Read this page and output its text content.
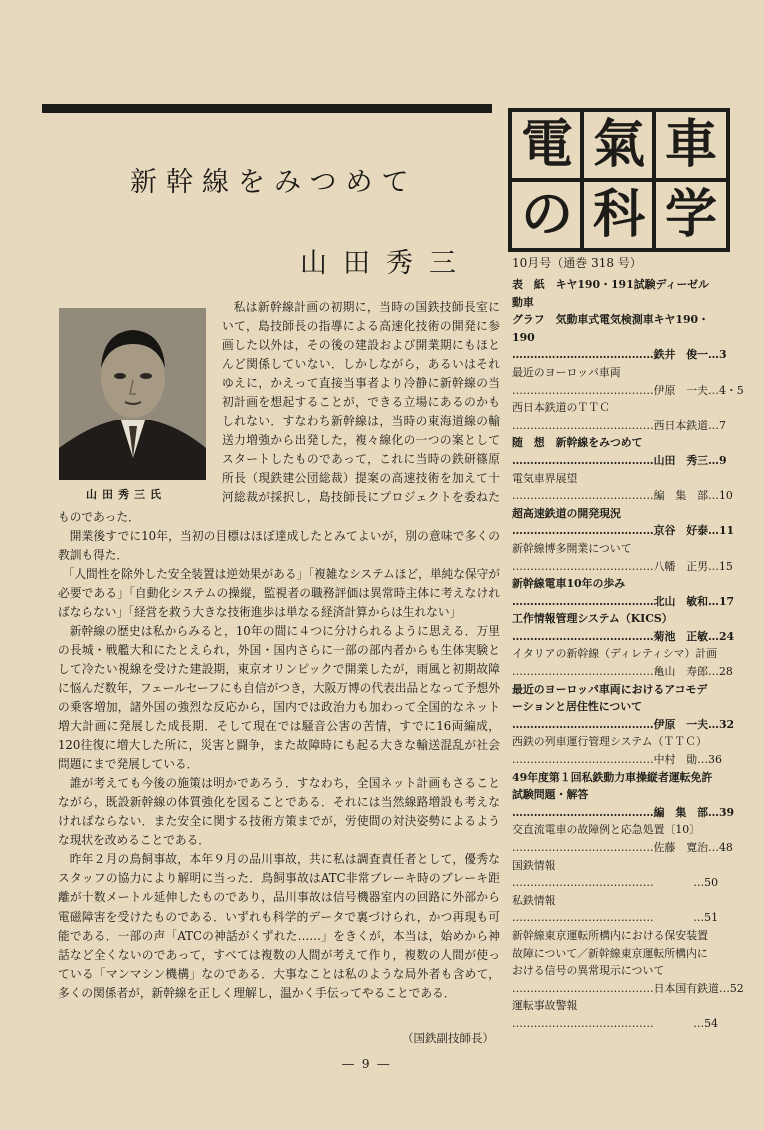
新幹線をみつめて
山田秀三
山田秀三氏

私は新幹線計画の初期に，当時の国鉄技師長室にいて，島技師長の指導による高速化技術の開発に参画した以外は，その後の建設および開業期にもほとんど関係していない．しかしながら，あるいはそれゆえに，かえって直接当事者より冷静に新幹線の当初計画を想起することが，できる立場にあるのかもしれない．すなわち新幹線は，当時の東海道線の輸送力増強から出発した，複々線化の一つの案としてスタートしたものであって，これに当時の鉄研篠原所長（現鉄建公団総裁）提案の高速技術を加えて十河総裁が採択し，島技師長にプロジェクトを委ねたものであった．

開業後すでに10年，当初の目標はほぼ達成したとみてよいが，別の意味で多くの教訓も得た．

「人間性を除外した安全装置は逆効果がある」「複雑なシステムほど，単純な保守が必要である」「自動化システムの操縦，監視者の職務評価は異常時主体に考えなければならない」「経営を救う大きな技術進歩は単なる経済計算からは生れない」

新幹線の歴史は私からみると，10年の間に４つに分けられるように思える．万里の長城・戦艦大和にたとえられ，外国・国内さらに一部の部内者からも生体実験として冷たい視線を受けた建設期，東京オリンピックで開業したが，雨風と初期故障に悩んだ数年，フェールセーフにも自信がつき，大阪万博の代表出品となって予想外の乗客増加，諸外国の強烈な反応から，国内では政治力も加わって全国的なネット増大計画に発展した成長期．そして現在では騒音公害の苦情，すでに16両編成，120往復に増大した所に，災害と闘争，また故障時にも起る大きな輸送混乱が社会問題にまで発展している．

誰が考えても今後の施策は明かであろう．すなわち，全国ネット計画もさることながら，既設新幹線の体質強化を図ることである．それには当然線路増設も考えなければならない．また安全に関する技術方策までが，労使間の対決姿勢によるような現状を改めることである．

昨年２月の鳥飼事故，本年９月の品川事故，共に私は調査責任者として，優秀なスタッフの協力により解明に当った．鳥飼事故はATC非常ブレーキ時のブレーキ距離が十数メートル延伸したものであり，品川事故は信号機器室内の回路に外部から電磁障害を受けたものである．いずれも科学的データで裏づけられ，かつ再現も可能である．一部の声「ATCの神話がくずれた……」をきくが，本当は，始めから神話など全くないのであって，すべては複数の人間が考えて作り，複数の人間が使っている「マンマシン機構」なのである．大事なことは私のような局外者も含めて，多くの関係者が，新幹線を正しく理解し，温かく手伝ってやることである．

（国鉄副技師長）
― 9 ―
電 氣 車
の 科 学
10月号（通巻 318 号）
表　紙　キヤ190・191試験ディーゼル動車
グラフ　気動車式電気検測車キヤ190・190
………………………………… 鉄井　俊一…3
最近のヨーロッパ車両
………………………………… 伊原　一夫…4・5
西日本鉄道のＴＴＣ
………………………………… 西日本鉄道…7
随　想　新幹線をみつめて
………………………………… 山田　秀三…9
電気車界展望
………………………………… 編　集　部…10
超高速鉄道の開発現況
………………………………… 京谷　好泰…11
新幹線博多開業について
………………………………… 八幡　正男…15
新幹線電車10年の歩み
………………………………… 北山　敏和…17
工作情報管理システム（KICS）
………………………………… 菊池　正敏…24
イタリアの新幹線（ディレティシマ）計画
………………………………… 亀山　寿郎…28
最近のヨーロッパ車両におけるアコモデーションと居住性について
………………………………… 伊原　一夫…32
西鉄の列車運行管理システム（ＴＴＣ）
………………………………… 中村　勛…36
49年度第１回私鉄動力車操縦者運転免許試験問題・解答
………………………………… 編　集　部…39
交直流電車の故障例と応急処置〔10〕
………………………………… 佐藤　寛治…48
国鉄情報
…………………………………	…50
私鉄情報
…………………………………	…51
新幹線東京運転所構内における保安装置故障について／新幹線東京運転所構内における信号の異常現示について
………………………………… 日本国有鉄道…52
運転事故警報
…………………………………	…54
